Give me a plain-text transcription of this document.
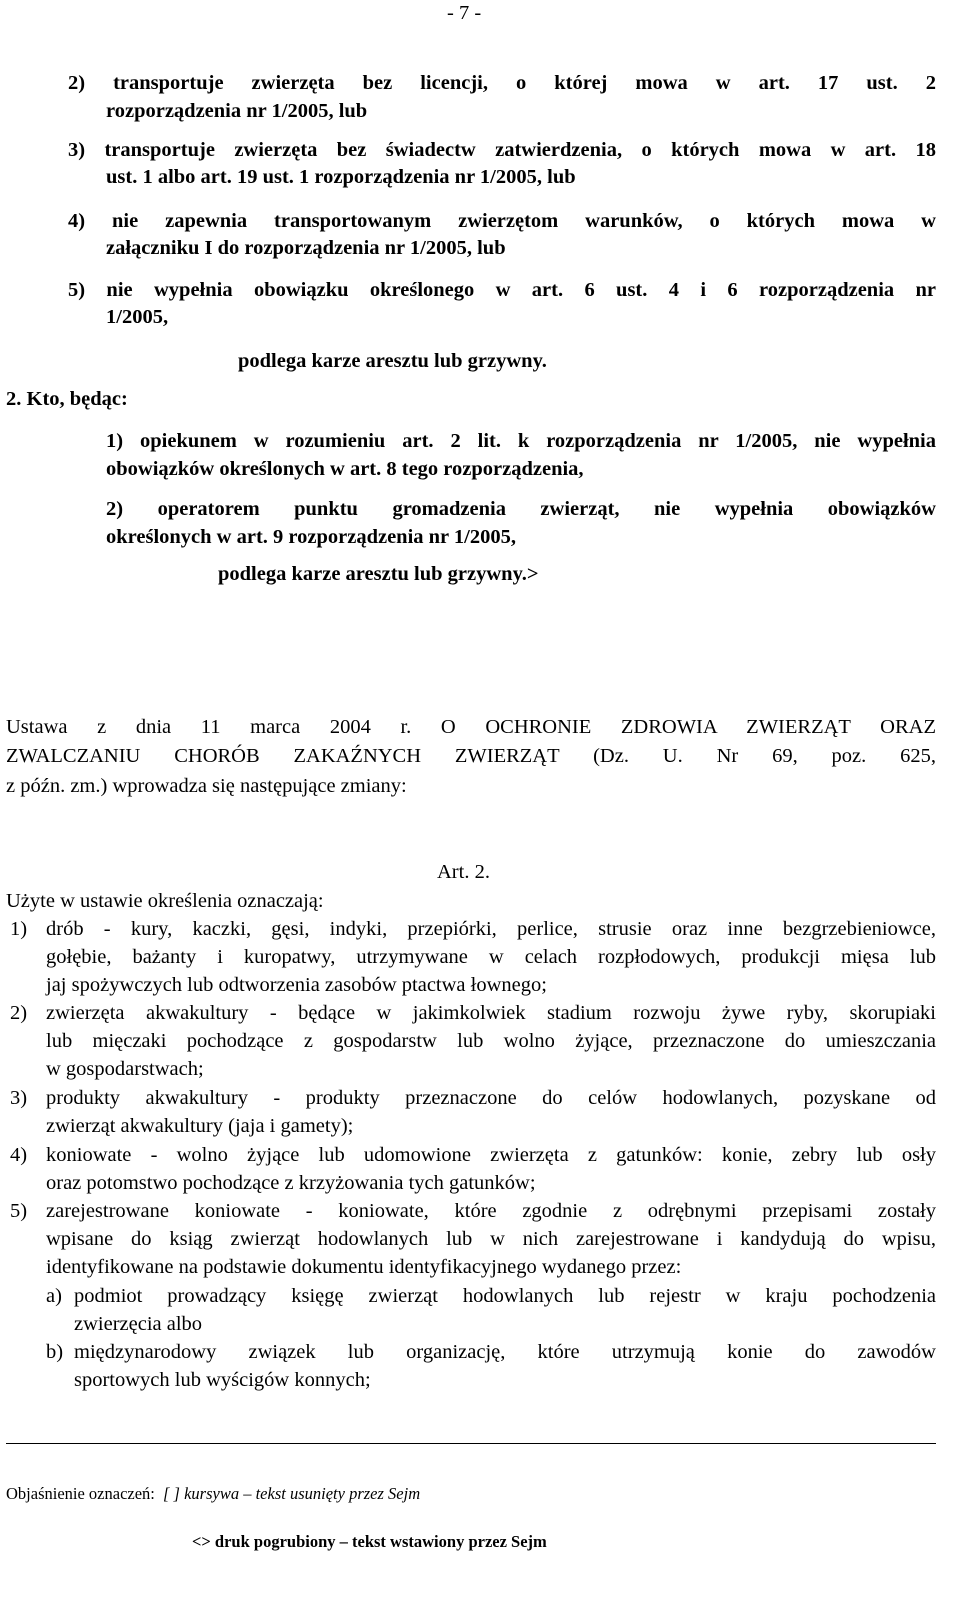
- 7 -
2) transportuje zwierzęta bez licencji, o której mowa w art. 17 ust. 2
rozporządzenia nr 1/2005, lub
3) transportuje zwierzęta bez świadectw zatwierdzenia, o których mowa w art. 18
ust. 1 albo art. 19 ust. 1 rozporządzenia nr 1/2005, lub
4) nie zapewnia transportowanym zwierzętom warunków, o których mowa w
załączniku I do rozporządzenia nr 1/2005, lub
5) nie wypełnia obowiązku określonego w art. 6 ust. 4 i 6 rozporządzenia nr
1/2005,
podlega karze aresztu lub grzywny.
2. Kto, będąc:
1) opiekunem w rozumieniu art. 2 lit. k rozporządzenia nr 1/2005, nie wypełnia
obowiązków określonych w art. 8 tego rozporządzenia,
2) operatorem punktu gromadzenia zwierząt, nie wypełnia obowiązków
określonych w art. 9 rozporządzenia nr 1/2005,
podlega karze aresztu lub grzywny.>
Ustawa z dnia 11 marca 2004 r. O OCHRONIE ZDROWIA ZWIERZĄT ORAZ
ZWALCZANIU CHORÓB ZAKAŹNYCH ZWIERZĄT (Dz. U. Nr 69, poz. 625,
z późn. zm.) wprowadza się następujące zmiany:
Art. 2.
Użyte w ustawie określenia oznaczają:
1) drób - kury, kaczki, gęsi, indyki, przepiórki, perlice, strusie oraz inne bezgrzebieniowce,
gołębie, bażanty i kuropatwy, utrzymywane w celach rozpłodowych, produkcji mięsa lub
jaj spożywczych lub odtworzenia zasobów ptactwa łownego;
2) zwierzęta akwakultury - będące w jakimkolwiek stadium rozwoju żywe ryby, skorupiaki
lub mięczaki pochodzące z gospodarstw lub wolno żyjące, przeznaczone do umieszczania
w gospodarstwach;
3) produkty akwakultury - produkty przeznaczone do celów hodowlanych, pozyskane od
zwierząt akwakultury (jaja i gamety);
4) koniowate - wolno żyjące lub udomowione zwierzęta z gatunków: konie, zebry lub osły
oraz potomstwo pochodzące z krzyżowania tych gatunków;
5) zarejestrowane koniowate - koniowate, które zgodnie z odrębnymi przepisami zostały
wpisane do ksiąg zwierząt hodowlanych lub w nich zarejestrowane i kandydują do wpisu,
identyfikowane na podstawie dokumentu identyfikacyjnego wydanego przez:
a) podmiot prowadzący księgę zwierząt hodowlanych lub rejestr w kraju pochodzenia
zwierzęcia albo
b) międzynarodowy związek lub organizację, które utrzymują konie do zawodów
sportowych lub wyścigów konnych;
Objaśnienie oznaczeń: [ ] kursywa – tekst usunięty przez Sejm
<> druk pogrubiony – tekst wstawiony przez Sejm
